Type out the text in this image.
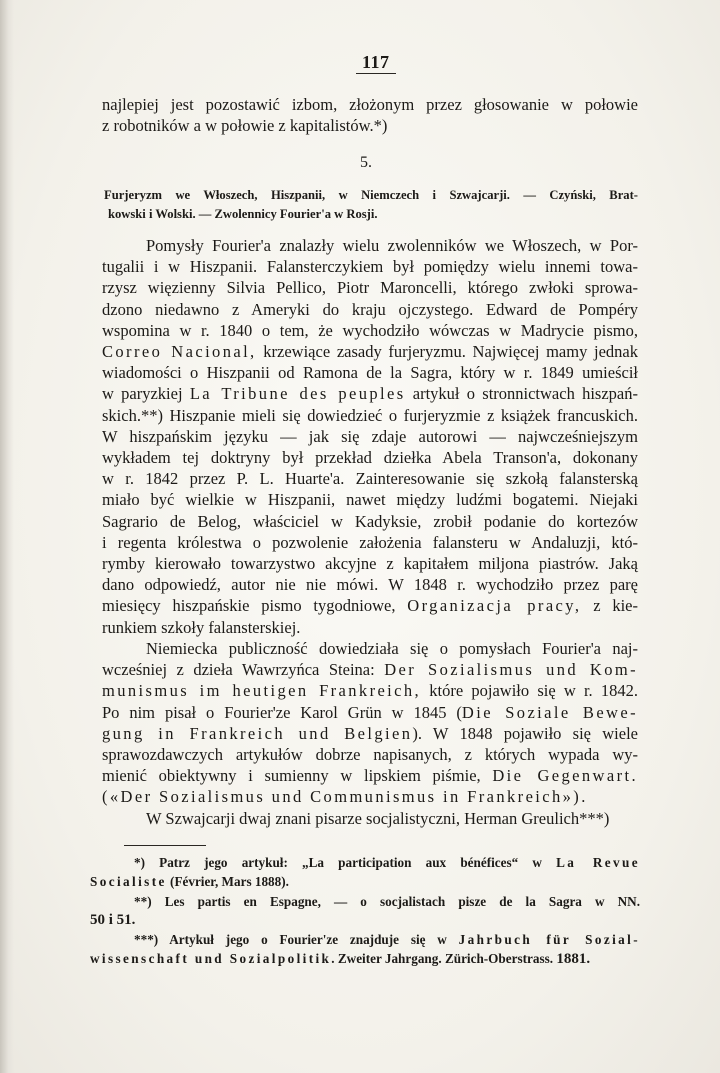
117
najlepiej jest pozostawić izbom, złożonym przez głosowanie w połowie
z robotników a w połowie z kapitalistów.*)
5.
Furjeryzm we Włoszech, Hiszpanii, w Niemczech i Szwajcarji. — Czyński, Brat-
kowski i Wolski. — Zwolennicy Fourier'a w Rosji.
Pomysły Fourier'a znalazły wielu zwolenników we Włoszech, w Por-
tugalii i w Hiszpanii. Falansterczykiem był pomiędzy wielu innemi towa-
rzysz więzienny Silvia Pellico, Piotr Maroncelli, którego zwłoki sprowa-
dzono niedawno z Ameryki do kraju ojczystego. Edward de Pompéry
wspomina w r. 1840 o tem, że wychodziło wówczas w Madrycie pismo,
Correo Nacional, krzewiące zasady furjeryzmu. Najwięcej mamy jednak
wiadomości o Hiszpanii od Ramona de la Sagra, który w r. 1849 umieścił
w paryzkiej La Tribune des peuples artykuł o stronnictwach hiszpań-
skich.**) Hiszpanie mieli się dowiedzieć o furjeryzmie z książek francuskich.
W hiszpańskim języku — jak się zdaje autorowi — najwcześniejszym
wykładem tej doktryny był przekład dziełka Abela Transon'a, dokonany
w r. 1842 przez P. L. Huarte'a. Zainteresowanie się szkołą falansterską
miało być wielkie w Hiszpanii, nawet między ludźmi bogatemi. Niejaki
Sagrario de Belog, właściciel w Kadyksie, zrobił podanie do kortezów
i regenta królestwa o pozwolenie założenia falansteru w Andaluzji, któ-
rymby kierowało towarzystwo akcyjne z kapitałem miljona piastrów. Jaką
dano odpowiedź, autor nie nie mówi. W 1848 r. wychodziło przez parę
miesięcy hiszpańskie pismo tygodniowe, Organizacja pracy, z kie-
runkiem szkoły falansterskiej.
Niemiecka publiczność dowiedziała się o pomysłach Fourier'a naj-
wcześniej z dzieła Wawrzyńca Steina: Der Sozialismus und Kom-
munismus im heutigen Frankreich, które pojawiło się w r. 1842.
Po nim pisał o Fourier'ze Karol Grün w 1845 (Die Soziale Bewe-
gung in Frankreich und Belgien). W 1848 pojawiło się wiele
sprawozdawczych artykułów dobrze napisanych, z których wypada wy-
mienić obiektywny i sumienny w lipskiem piśmie, Die Gegenwart.
(«Der Sozialismus und Communismus in Frankreich»).
W Szwajcarji dwaj znani pisarze socjalistyczni, Herman Greulich***)
*) Patrz jego artykuł: „La participation aux bénéfices“ w La Revue
Socialiste (Février, Mars 1888).
**) Les partis en Espagne, — o socjalistach pisze de la Sagra w NN.
50 i 51.
***) Artykuł jego o Fourier'ze znajduje się w Jahrbuch für Sozial-
wissenschaft und Sozialpolitik. Zweiter Jahrgang. Zürich-Oberstrass. 1881.
